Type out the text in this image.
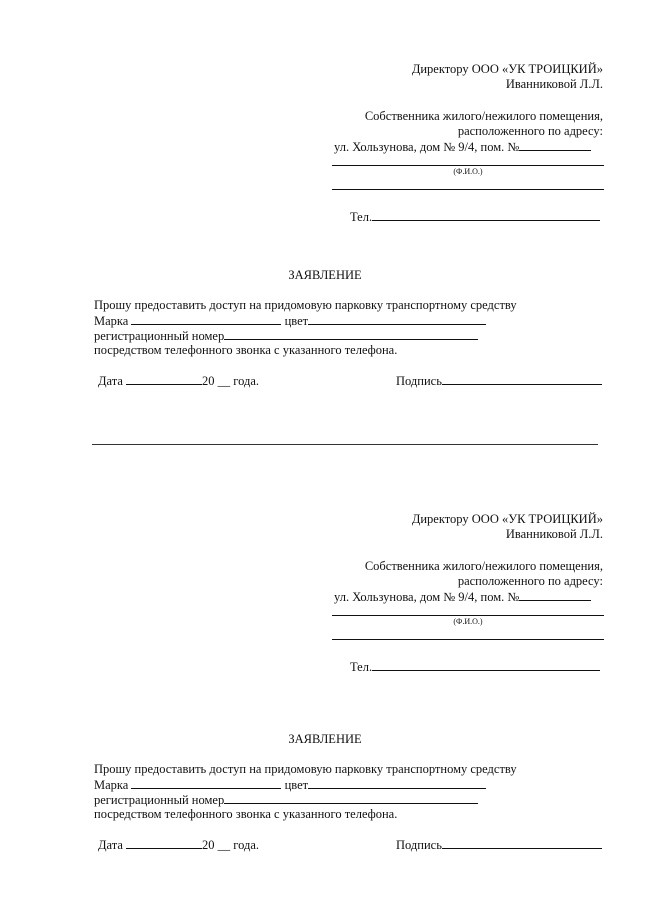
Директору ООО «УК ТРОИЦКИЙ»
Иванниковой Л.Л.
Собственника жилого/нежилого помещения,
расположенного по адресу:
ул. Хользунова, дом № 9/4, пом. №
(Ф.И.О.)
Тел.
ЗАЯВЛЕНИЕ
Прошу предоставить доступ на придомовую парковку транспортному средству
Марка	цвет
регистрационный номер
посредством телефонного звонка с указанного телефона.
Дата	20 __ года.	Подпись
Директору ООО «УК ТРОИЦКИЙ»
Иванниковой Л.Л.
Собственника жилого/нежилого помещения,
расположенного по адресу:
ул. Хользунова, дом № 9/4, пом. №
(Ф.И.О.)
Тел.
ЗАЯВЛЕНИЕ
Прошу предоставить доступ на придомовую парковку транспортному средству
Марка	цвет
регистрационный номер
посредством телефонного звонка с указанного телефона.
Дата	20 __ года.	Подпись
